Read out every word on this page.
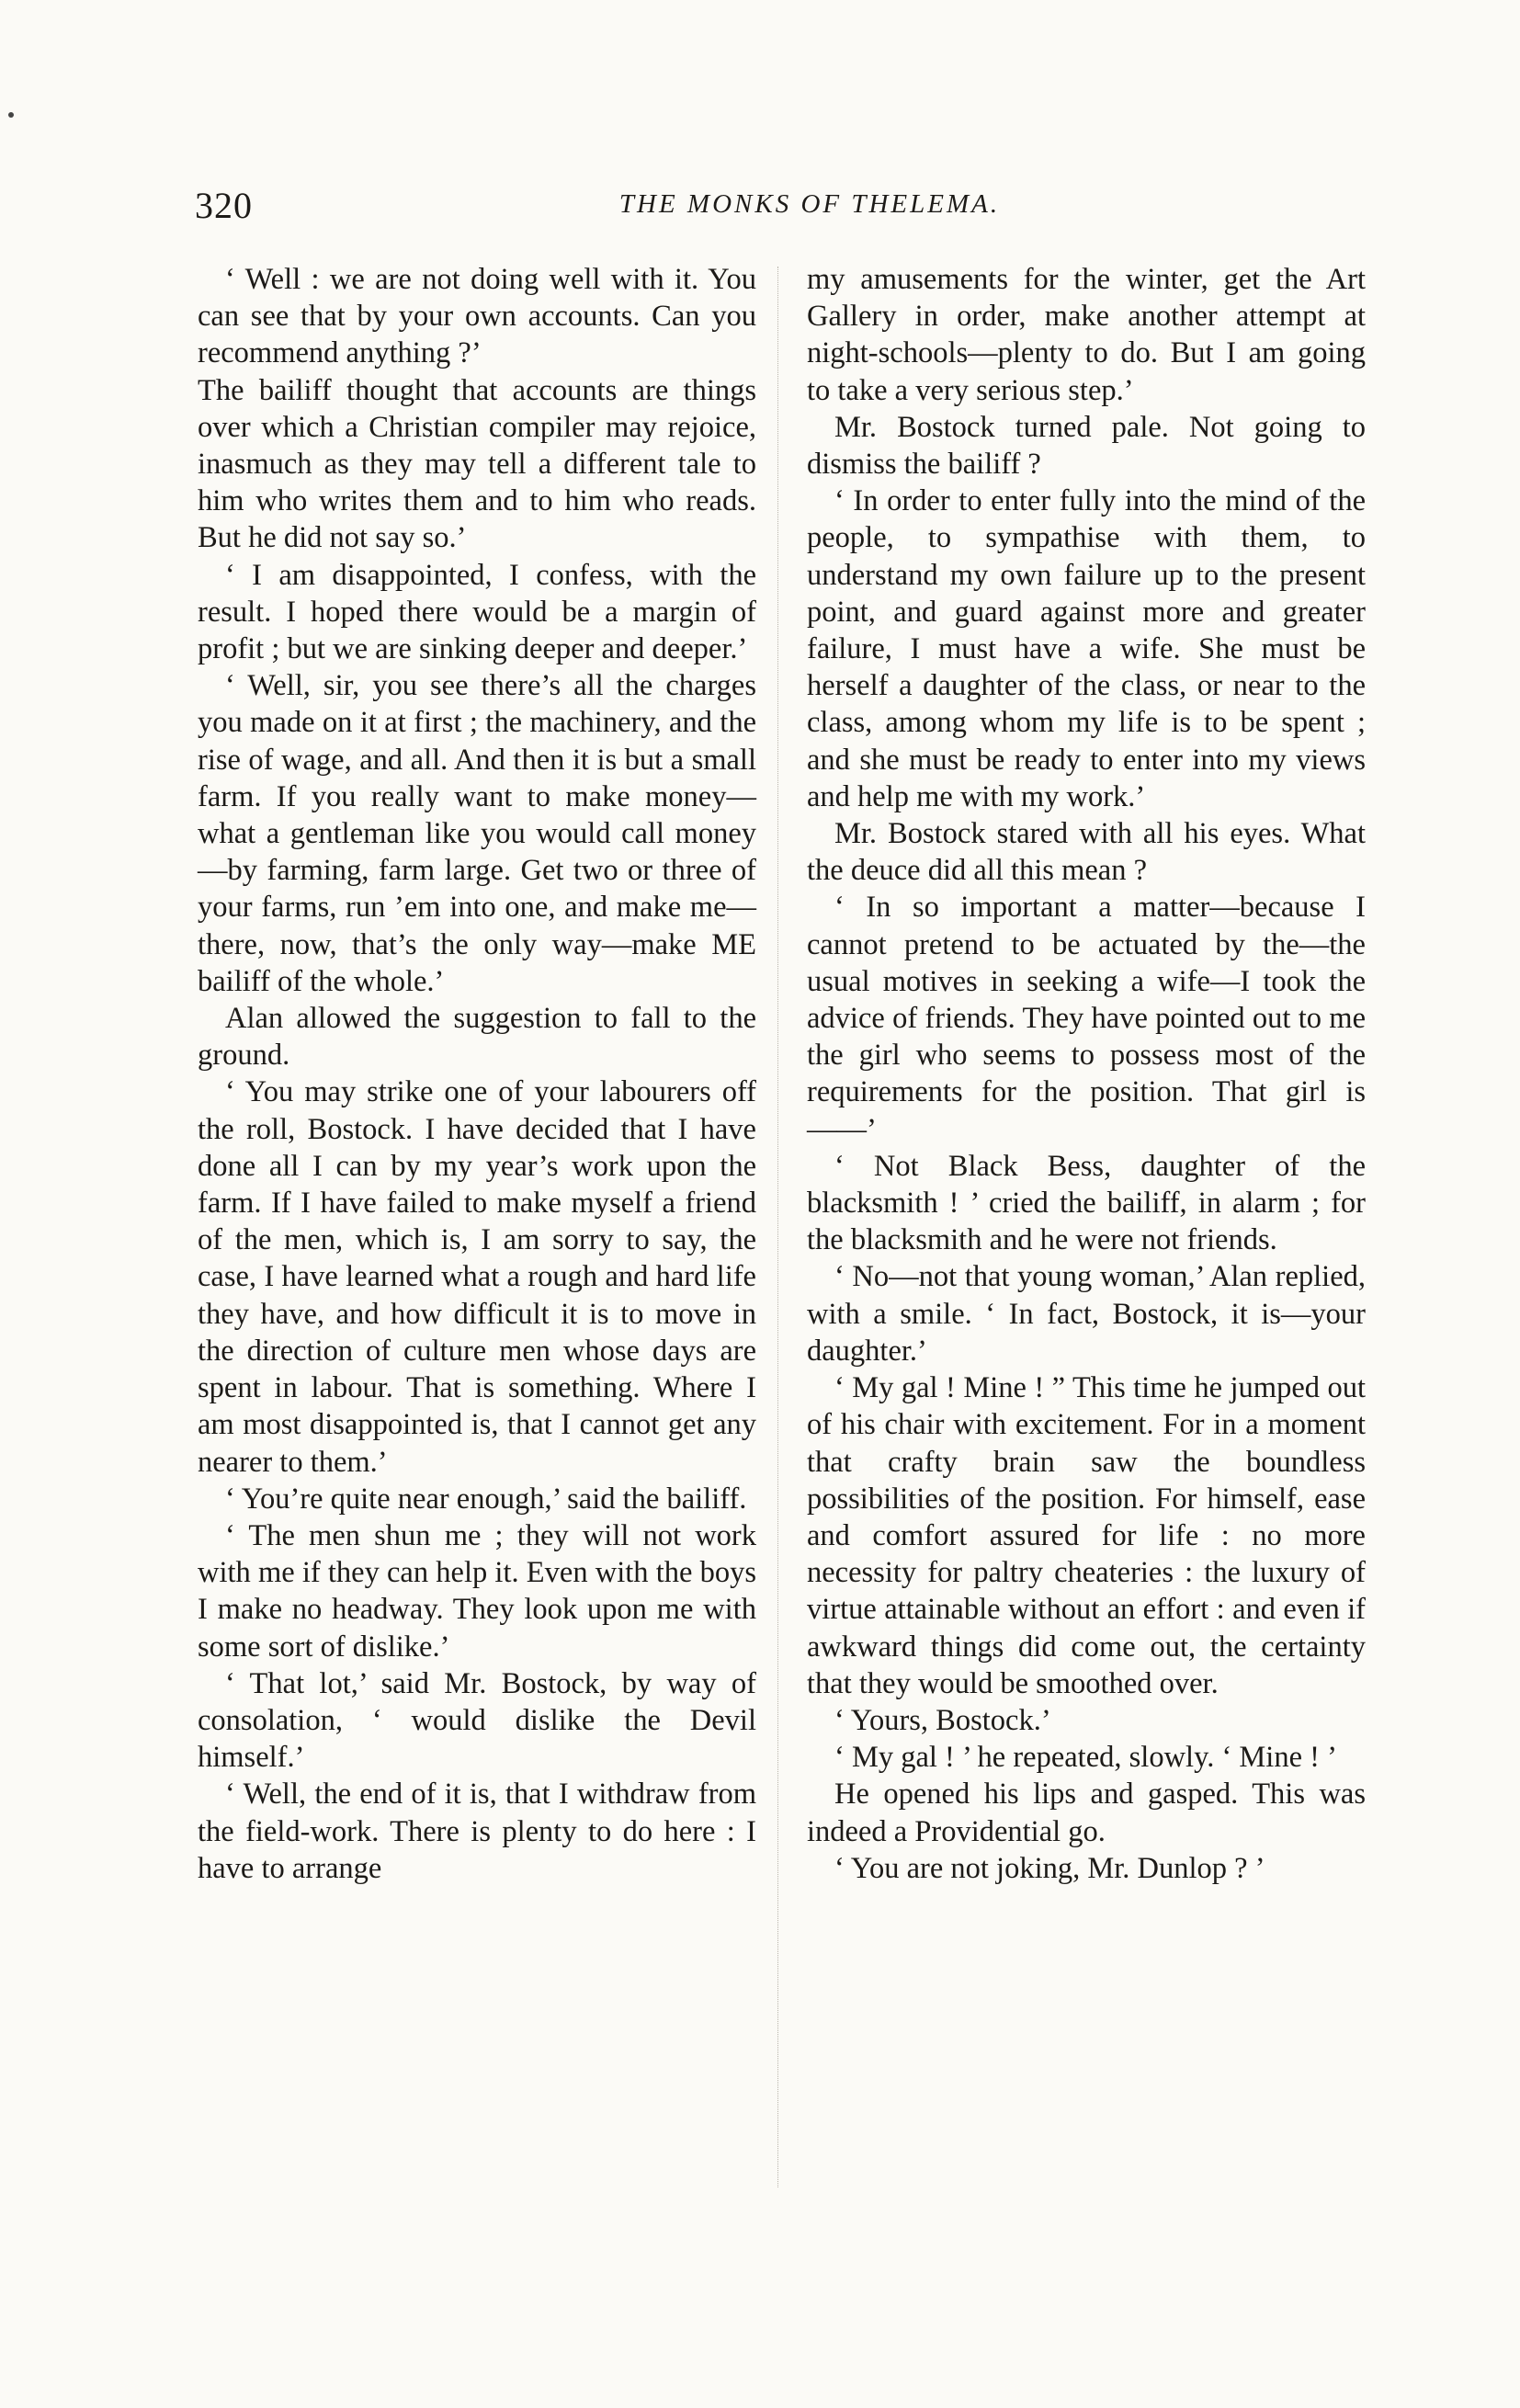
320	THE MONKS OF THELEMA.

‘ Well : we are not doing well with it. You can see that by your own accounts. Can you recommend anything ?’

The bailiff thought that accounts are things over which a Christian compiler may rejoice, inasmuch as they may tell a different tale to him who writes them and to him who reads. But he did not say so.’

‘ I am disappointed, I confess, with the result. I hoped there would be a margin of profit ; but we are sinking deeper and deeper.’

‘ Well, sir, you see there’s all the charges you made on it at first ; the machinery, and the rise of wage, and all. And then it is but a small farm. If you really want to make money—what a gentleman like you would call money—by farming, farm large. Get two or three of your farms, run ’em into one, and make me—there, now, that’s the only way—make ME bailiff of the whole.’

Alan allowed the suggestion to fall to the ground.

‘ You may strike one of your labourers off the roll, Bostock. I have decided that I have done all I can by my year’s work upon the farm. If I have failed to make myself a friend of the men, which is, I am sorry to say, the case, I have learned what a rough and hard life they have, and how difficult it is to move in the direction of culture men whose days are spent in labour. That is something. Where I am most disappointed is, that I cannot get any nearer to them.’

‘ You’re quite near enough,’ said the bailiff.

‘ The men shun me ; they will not work with me if they can help it. Even with the boys I make no headway. They look upon me with some sort of dislike.’

‘ That lot,’ said Mr. Bostock, by way of consolation, ‘ would dislike the Devil himself.’

‘ Well, the end of it is, that I withdraw from the field-work. There is plenty to do here : I have to arrange

my amusements for the winter, get the Art Gallery in order, make another attempt at night-schools—plenty to do. But I am going to take a very serious step.’

Mr. Bostock turned pale. Not going to dismiss the bailiff ?

‘ In order to enter fully into the mind of the people, to sympathise with them, to understand my own failure up to the present point, and guard against more and greater failure, I must have a wife. She must be herself a daughter of the class, or near to the class, among whom my life is to be spent ; and she must be ready to enter into my views and help me with my work.’

Mr. Bostock stared with all his eyes. What the deuce did all this mean ?

‘ In so important a matter—because I cannot pretend to be actuated by the—the usual motives in seeking a wife—I took the advice of friends. They have pointed out to me the girl who seems to possess most of the requirements for the position. That girl is ——’

‘ Not Black Bess, daughter of the blacksmith ! ’ cried the bailiff, in alarm ; for the blacksmith and he were not friends.

‘ No—not that young woman,’ Alan replied, with a smile. ‘ In fact, Bostock, it is—your daughter.’

‘ My gal ! Mine ! ” This time he jumped out of his chair with excitement. For in a moment that crafty brain saw the boundless possibilities of the position. For himself, ease and comfort assured for life : no more necessity for paltry cheateries : the luxury of virtue attainable without an effort : and even if awkward things did come out, the certainty that they would be smoothed over.

‘ Yours, Bostock.’

‘ My gal ! ’ he repeated, slowly. ‘ Mine ! ’

He opened his lips and gasped. This was indeed a Providential go.

‘ You are not joking, Mr. Dunlop ? ’
